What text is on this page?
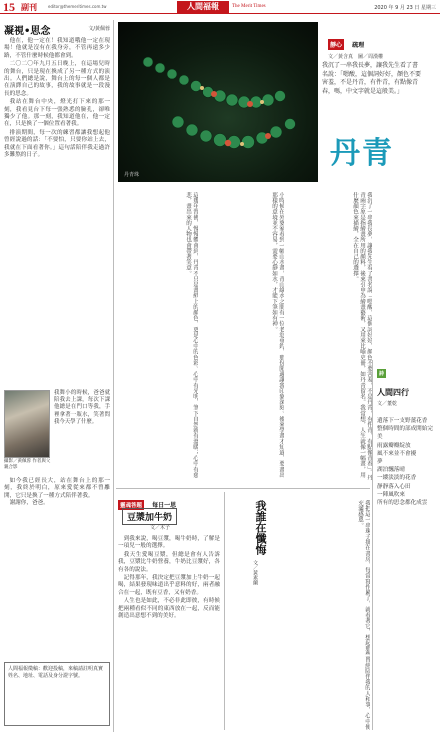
15 副刊	editor@themeritimes.com.tw	人間福報	The Merit Times	2020 年 9 月 23 日 星期三
凝視•思念	文/黃佩蓉

他在，他一定在！我知道哦他一定在現場！他就是沒有在我身旁，不管再遠多少路，不管什麼時候他都會到。

二〇二〇年九月五日晚上，在這場兒時的舞台，只是現在換成了另一種方式的演出。人們總是說，舞台上的每一個人都是在演繹自己的故事，我的故事就是一段漫長的思念。

我站在舞台中央，燈光打下來的那一刻，我看見台下每一張熟悉的臉孔，卻唯獨少了他。那一刻，我知道他在，他一定在，只是換了一個位置看著我。

排演期間，每一次的練習都讓我想起他曾經說過的話：「不要怕，只要你站上去，我就在下面看著你。」這句話陪伴我走過許多難熬的日子。

攝影／黃佩蓉 作者與父親合影
我舞小的時候，爸爸就陪我去上課，每次下課他總是在門口等我，手裡拿著一瓶水，笑著問我今天學了什麼。

如今我已經長大，站在舞台上的那一刻，我終於明白，原來愛從來都不曾離開，它只是換了一種方式陪伴著我。

謝謝你，爸爸。

人間福報徵稿：歡迎投稿，來稿請註明真實姓名、地址、電話及身分證字號。
丹青珠
靜心 疏理
文／黃含真　圖／周漢權
我沉了一串我長夢，讓我先生看了書名說：「嗯酸，這個詞好好，顏色不要害羞，不是丹青，有件青，有點像青春，嗎，中文字就是這般美。」
丹青
我沉了一串我長夢，讓我先生看了書名說「嗯酸，這個詞好好，顏色不要害羞，不是丹青，有件青，有點像青春」。丹青兩字原是指繪畫所用的顏料，後來引申為繪畫藝術，又用來比喻史冊，如丹青留名。我常想，人生就像一幅畫，用什麼顏色來描繪，全在自己的選擇。
小時候在外婆家看到一幅山水畫，青山綠水之間有一位老翁垂釣，那份閒適讓我印象深刻。後來學畫才知道，要畫出那樣的意境並不容易，需要心靜如水，才能下筆如有神。
這幾年習佛，慢慢體會到，丹青不只是畫紙上的顏色，更是心中的色彩。心中有光明，筆下自然就有溫暖；心中有慈悲，畫出來的人物也會帶著笑意。
我把這一串珠子掛在書房，每當寫作累了，就看著它，想起那些曾經陪伴我的人和事，心中便充滿感恩。
詩
人間四行
文／董乾
遺落下一支野薑花香
整個時間的部成開始完美
雨露瓣瓣綻放
風不來並不會擾
夢
湖泊飄落晴
一縷淡淡的花香
靜靜落入心田
一陣風吹來
所有的思念都化成雲
靈魂答題 每日一思
豆漿加牛奶
文／木子

到我來說，喝豆漿，喝牛奶時，了解是一項兒一般的選擇。

我天生愛喝豆漿，但總是會有人告訴我，豆漿比牛奶營養，牛奶比豆漿好，各有各的說法。

記得那年，我決定把豆漿加上牛奶一起喝，結果發現味道出乎意料的好，兩者融合在一起，既有豆香，又有奶香。

人生也是如此，不必非此即彼，有時候把兩種看似不同的東西放在一起，反而能創造出意想不到的美好。

我誰在懺悔
文／黃素蘭
